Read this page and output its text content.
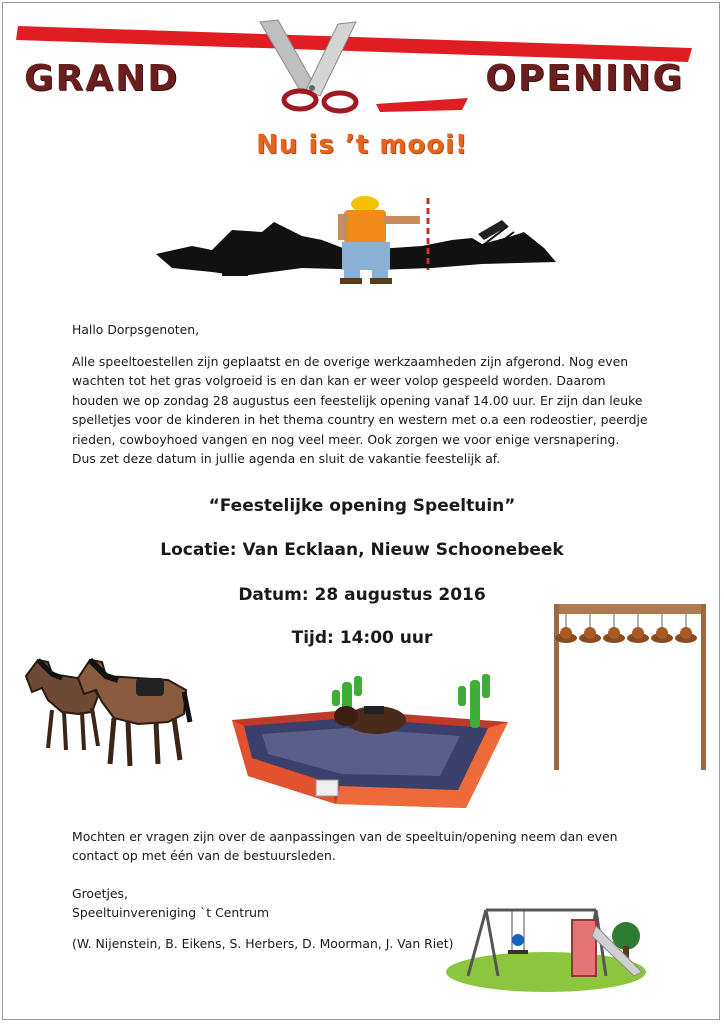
GRAND	OPENING
Nu is ’t mooi!
Hallo Dorpsgenoten,
Alle speeltoestellen zijn geplaatst en de overige werkzaamheden zijn afgerond. Nog even
wachten tot het gras volgroeid is en dan kan er weer volop gespeeld worden. Daarom
houden we op zondag 28 augustus een feestelijk opening vanaf 14.00 uur. Er zijn dan leuke
spelletjes voor de kinderen in het thema country en western met o.a een rodeostier, peerdje
rieden, cowboyhoed vangen en nog veel meer. Ook zorgen we voor enige versnapering.
Dus zet deze datum in jullie agenda en sluit de vakantie feestelijk af.
“Feestelijke opening Speeltuin”
Locatie: Van Ecklaan, Nieuw Schoonebeek
Datum: 28 augustus 2016
Tijd: 14:00 uur
Mochten er vragen zijn over de aanpassingen van de speeltuin/opening neem dan even
contact op met één van de bestuursleden.
Groetjes,
Speeltuinvereniging `t Centrum
(W. Nijenstein, B. Eikens, S. Herbers, D. Moorman, J. Van Riet)
